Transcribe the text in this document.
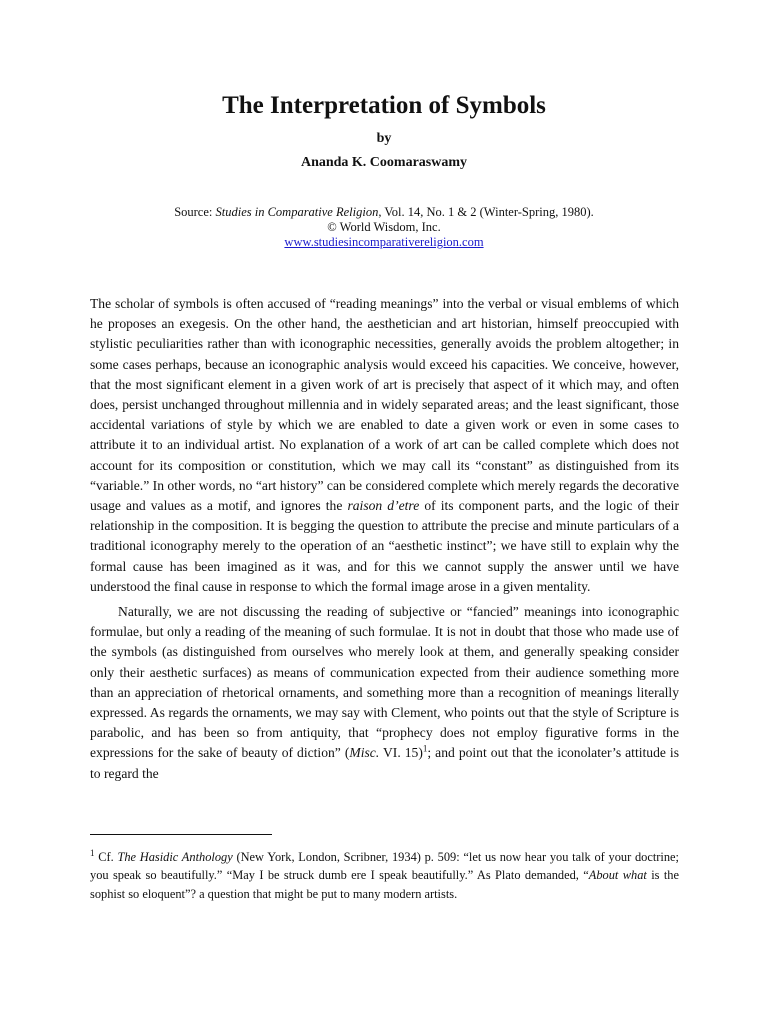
The Interpretation of Symbols
by
Ananda K. Coomaraswamy
Source: Studies in Comparative Religion, Vol. 14, No. 1 & 2 (Winter-Spring, 1980).
© World Wisdom, Inc.
www.studiesincomparativereligion.com

The scholar of symbols is often accused of “reading meanings” into the verbal or visual emblems of which he proposes an exegesis. On the other hand, the aesthetician and art historian, himself preoccupied with stylistic peculiarities rather than with iconographic necessities, generally avoids the problem altogether; in some cases perhaps, because an iconographic analysis would exceed his capacities. We conceive, however, that the most significant element in a given work of art is precisely that aspect of it which may, and often does, persist unchanged throughout millennia and in widely separated areas; and the least significant, those accidental variations of style by which we are enabled to date a given work or even in some cases to attribute it to an individual artist. No explanation of a work of art can be called complete which does not account for its composition or constitution, which we may call its “constant” as distinguished from its “variable.” In other words, no “art history” can be considered complete which merely regards the decorative usage and values as a motif, and ignores the raison d’etre of its component parts, and the logic of their relationship in the composition. It is begging the question to attribute the precise and minute particulars of a traditional iconography merely to the operation of an “aesthetic instinct”; we have still to explain why the formal cause has been imagined as it was, and for this we cannot supply the answer until we have understood the final cause in response to which the formal image arose in a given mentality.

Naturally, we are not discussing the reading of subjective or “fancied” meanings into iconographic formulae, but only a reading of the meaning of such formulae. It is not in doubt that those who made use of the symbols (as distinguished from ourselves who merely look at them, and generally speaking consider only their aesthetic surfaces) as means of communication expected from their audience something more than an appreciation of rhetorical ornaments, and something more than a recognition of meanings literally expressed. As regards the ornaments, we may say with Clement, who points out that the style of Scripture is parabolic, and has been so from antiquity, that “prophecy does not employ figurative forms in the expressions for the sake of beauty of diction” (Misc. VI. 15)$^1$; and point out that the iconolater’s attitude is to regard the

$^1$ Cf. The Hasidic Anthology (New York, London, Scribner, 1934) p. 509: “let us now hear you talk of your doctrine; you speak so beautifully.” “May I be struck dumb ere I speak beautifully.” As Plato demanded, “About what is the sophist so eloquent”? a question that might be put to many modern artists.
